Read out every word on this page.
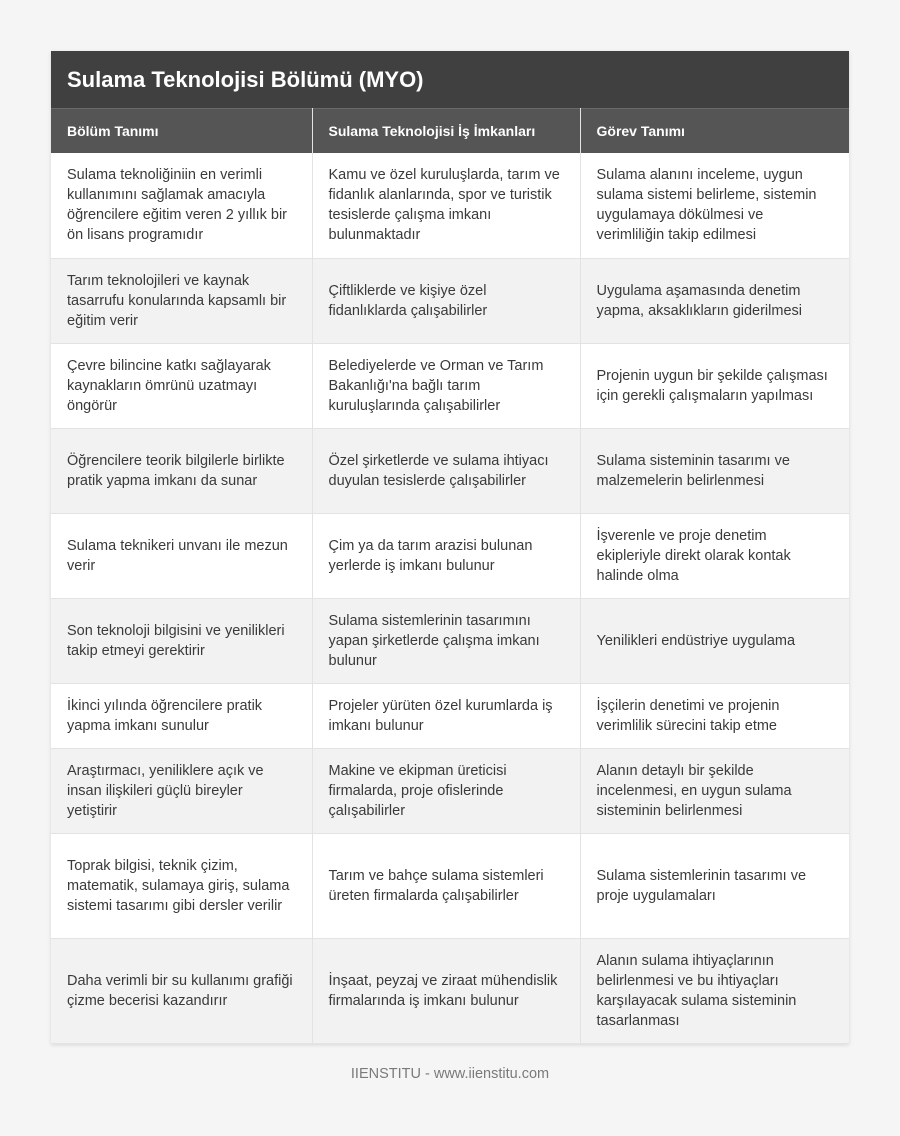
Sulama Teknolojisi Bölümü (MYO)
Bölüm Tanımı	Sulama Teknolojisi İş İmkanları	Görev Tanımı
Sulama teknoliğiniin en verimli kullanımını sağlamak amacıyla öğrencilere eğitim veren 2 yıllık bir ön lisans programıdır	Kamu ve özel kuruluşlarda, tarım ve fidanlık alanlarında, spor ve turistik tesislerde çalışma imkanı bulunmaktadır	Sulama alanını inceleme, uygun sulama sistemi belirleme, sistemin uygulamaya dökülmesi ve verimliliğin takip edilmesi
Tarım teknolojileri ve kaynak tasarrufu konularında kapsamlı bir eğitim verir	Çiftliklerde ve kişiye özel fidanlıklarda çalışabilirler	Uygulama aşamasında denetim yapma, aksaklıkların giderilmesi
Çevre bilincine katkı sağlayarak kaynakların ömrünü uzatmayı öngörür	Belediyelerde ve Orman ve Tarım Bakanlığı'na bağlı tarım kuruluşlarında çalışabilirler	Projenin uygun bir şekilde çalışması için gerekli çalışmaların yapılması
Öğrencilere teorik bilgilerle birlikte pratik yapma imkanı da sunar	Özel şirketlerde ve sulama ihtiyacı duyulan tesislerde çalışabilirler	Sulama sisteminin tasarımı ve malzemelerin belirlenmesi
Sulama teknikeri unvanı ile mezun verir	Çim ya da tarım arazisi bulunan yerlerde iş imkanı bulunur	İşverenle ve proje denetim ekipleriyle direkt olarak kontak halinde olma
Son teknoloji bilgisini ve yenilikleri takip etmeyi gerektirir	Sulama sistemlerinin tasarımını yapan şirketlerde çalışma imkanı bulunur	Yenilikleri endüstriye uygulama
İkinci yılında öğrencilere pratik yapma imkanı sunulur	Projeler yürüten özel kurumlarda iş imkanı bulunur	İşçilerin denetimi ve projenin verimlilik sürecini takip etme
Araştırmacı, yeniliklere açık ve insan ilişkileri güçlü bireyler yetiştirir	Makine ve ekipman üreticisi firmalarda, proje ofislerinde çalışabilirler	Alanın detaylı bir şekilde incelenmesi, en uygun sulama sisteminin belirlenmesi
Toprak bilgisi, teknik çizim, matematik, sulamaya giriş, sulama sistemi tasarımı gibi dersler verilir	Tarım ve bahçe sulama sistemleri üreten firmalarda çalışabilirler	Sulama sistemlerinin tasarımı ve proje uygulamaları
Daha verimli bir su kullanımı grafiği çizme becerisi kazandırır	İnşaat, peyzaj ve ziraat mühendislik firmalarında iş imkanı bulunur	Alanın sulama ihtiyaçlarının belirlenmesi ve bu ihtiyaçları karşılayacak sulama sisteminin tasarlanması
IIENSTITU - www.iienstitu.com
